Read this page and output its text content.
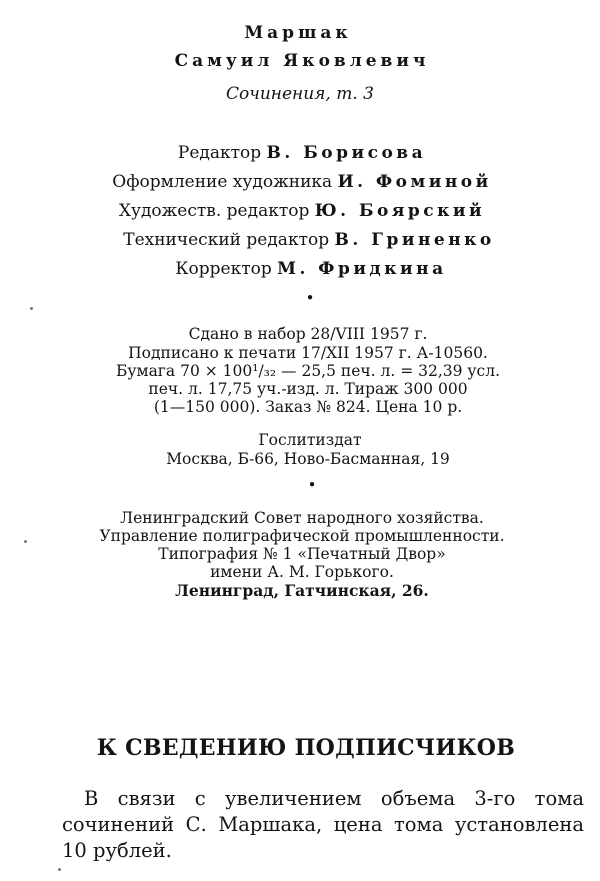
Маршак
Самуил Яковлевич
Сочинения, т. 3
Редактор В. Борисова
Оформление художника И. Фоминой
Художеств. редактор Ю. Боярский
Технический редактор В. Гриненко
Корректор М. Фридкина
•
Сдано в набор 28/VIII 1957 г.
Подписано к печати 17/XII 1957 г. А-10560.
Бумага 70 × 100¹/₃₂ — 25,5 печ. л. = 32,39 усл.
печ. л. 17,75 уч.-изд. л. Тираж 300 000
(1—150 000). Заказ № 824. Цена 10 р.
Гослитиздат
Москва, Б-66, Ново-Басманная, 19
•
Ленинградский Совет народного хозяйства.
Управление полиграфической промышленности.
Типография № 1 «Печатный Двор»
имени А. М. Горького.
Ленинград, Гатчинская, 26.
К СВЕДЕНИЮ ПОДПИСЧИКОВ
В связи с увеличением объема 3-го тома
сочинений С. Маршака, цена тома установлена
10 рублей.
